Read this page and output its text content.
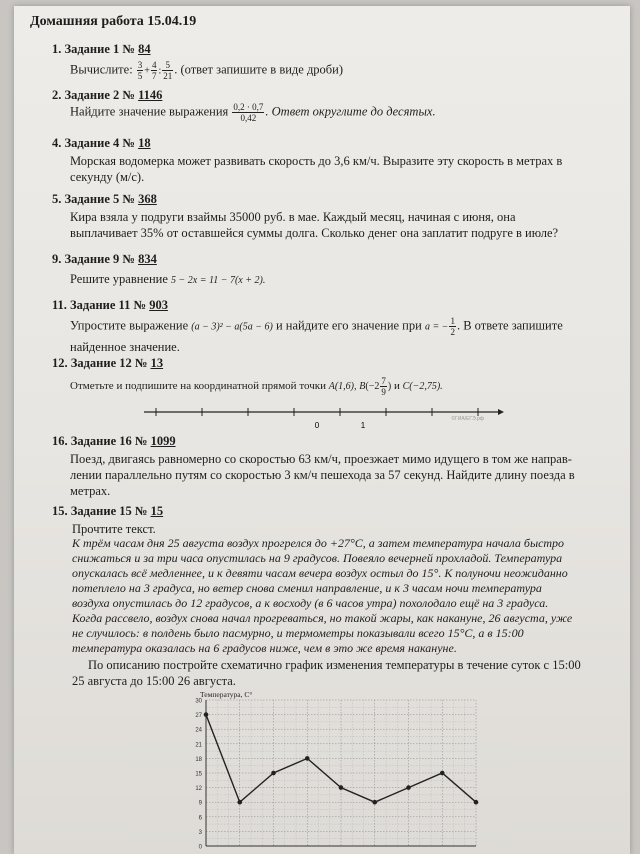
Домашняя работа 15.04.19
1. Задание 1 № 84
Вычислите: $\frac{3}{5} + \frac{4}{7}$ : $\frac{5}{21}$ . (ответ запишите в виде дроби)
2. Задание 2 № 1146
Найдите значение выражения $\frac{0,2 \cdot 0,7}{0,42}$ . Ответ округлите до десятых.
4. Задание 4 № 18
Морская водомерка может развивать скорость до 3,6 км/ч. Выразите эту скорость в метрах в
секунду (м/с).
5. Задание 5 № 368
Кира взяла у подруги взаймы 35000 руб. в мае. Каждый месяц, начиная с июня, она
выплачивает 35% от оставшейся суммы долга. Сколько денег она заплатит подруге в июле?
9. Задание 9 № 834
Решите уравнение 5 − 2x = 11 − 7(x + 2).
11. Задание 11 № 903
Упростите выражение (a − 3)² − a(5a − 6) и найдите его значение при a = − $\frac{1}{2}$ . В ответе запишите
найденное значение.
12. Задание 12 № 13
Отметьте и подпишите на координатной прямой точки A(1,6), $B(-2 \frac{7}{9}$ ) и C(−2,75).
0	1
©ГИА/ЕГЭ.рф
16. Задание 16 № 1099
Поезд, двигаясь равномерно со скоростью 63 км/ч, проезжает мимо идущего в том же направ-
лении параллельно путям со скоростью 3 км/ч пешехода за 57 секунд. Найдите длину поезда в
метрах.
15. Задание 15 № 15
Прочтите текст.
К трём часам дня 25 августа воздух прогрелся до +27°C, а затем температура начала быстро
снижаться и за три часа опустилась на 9 градусов. Повеяло вечерней прохладой. Температура
опускалась всё медленнее, и к девяти часам вечера воздух остыл до 15°. К полуночи неожиданно
потеплело на 3 градуса, но ветер снова сменил направление, и к 3 часам ночи температура
воздуха опустилась до 12 градусов, а к восходу (в 6 часов утра) похолодало ещё на 3 градуса.
Когда рассвело, воздух снова начал прогреваться, но такой жары, как накануне, 26 августа, уже
не случилось: в полдень было пасмурно, и термометры показывали всего 15°C, а в 15:00
температура оказалась на 6 градусов ниже, чем в это же время накануне.
По описанию постройте схематично график изменения температуры в течение суток с 15:00
25 августа до 15:00 26 августа.
Температура, C°
0
3
6
9
12
15
18
21
24
27
30
